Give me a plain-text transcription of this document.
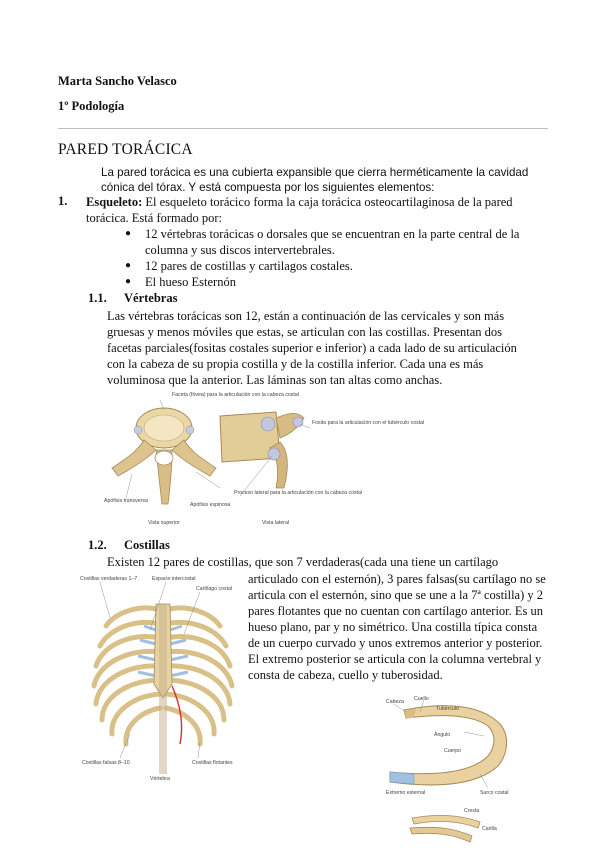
Marta Sancho Velasco
1º Podología
PARED TORÁCICA
La pared torácica es una cubierta expansible que cierra herméticamente la cavidad cónica del tórax. Y está compuesta por los siguientes elementos:
1. Esqueleto: El esqueleto torácico forma la caja torácica osteocartilaginosa de la pared torácica. Está formado por:
● 12 vértebras torácicas o dorsales que se encuentran en la parte central de la columna y sus discos intervertebrales.
● 12 pares de costillas y cartilagos costales.
● El hueso Esternón
1.1. Vértebras
Las vértebras torácicas son 12, están a continuación de las cervicales y son más gruesas y menos móviles que estas, se articulan con las costillas. Presentan dos facetas parciales(fositas costales superior e inferior) a cada lado de su articulación con la cabeza de su propia costilla y de la costilla inferior. Cada una es más voluminosa que la anterior. Las láminas son tan altas como anchas.
Faceta (fóvea) para la articulación con la cabeza costal
Fosita para la articulación con el tubérculo costal
Apófisis transversa
Apófisis espinosa
Proceso lateral para la articulación con la cabeza costal
Vista superior	Vista lateral
1.2. Costillas
Existen 12 pares de costillas, que son 7 verdaderas(cada una tiene un cartílago
articulado con el esternón), 3 pares falsas(su cartílago no se articula con el esternón, sino que se une a la 7ª costilla) y 2 pares flotantes que no cuentan con cartílago anterior. Es un hueso plano, par y no simétrico. Una costilla típica consta de un cuerpo curvado y unos extremos anterior y posterior. El extremo posterior se articula con la columna vertebral y consta de cabeza, cuello y tuberosidad.
Costillas verdaderas 1–7	Espacio intercostal
Cartílago costal
Costillas falsas 8–10	Costillas flotantes
Vértebra
Cabeza Cuello
Tubérculo
Ángulo
Cuerpo
Extremo esternal	Surco costal
Cresta
Carilla
